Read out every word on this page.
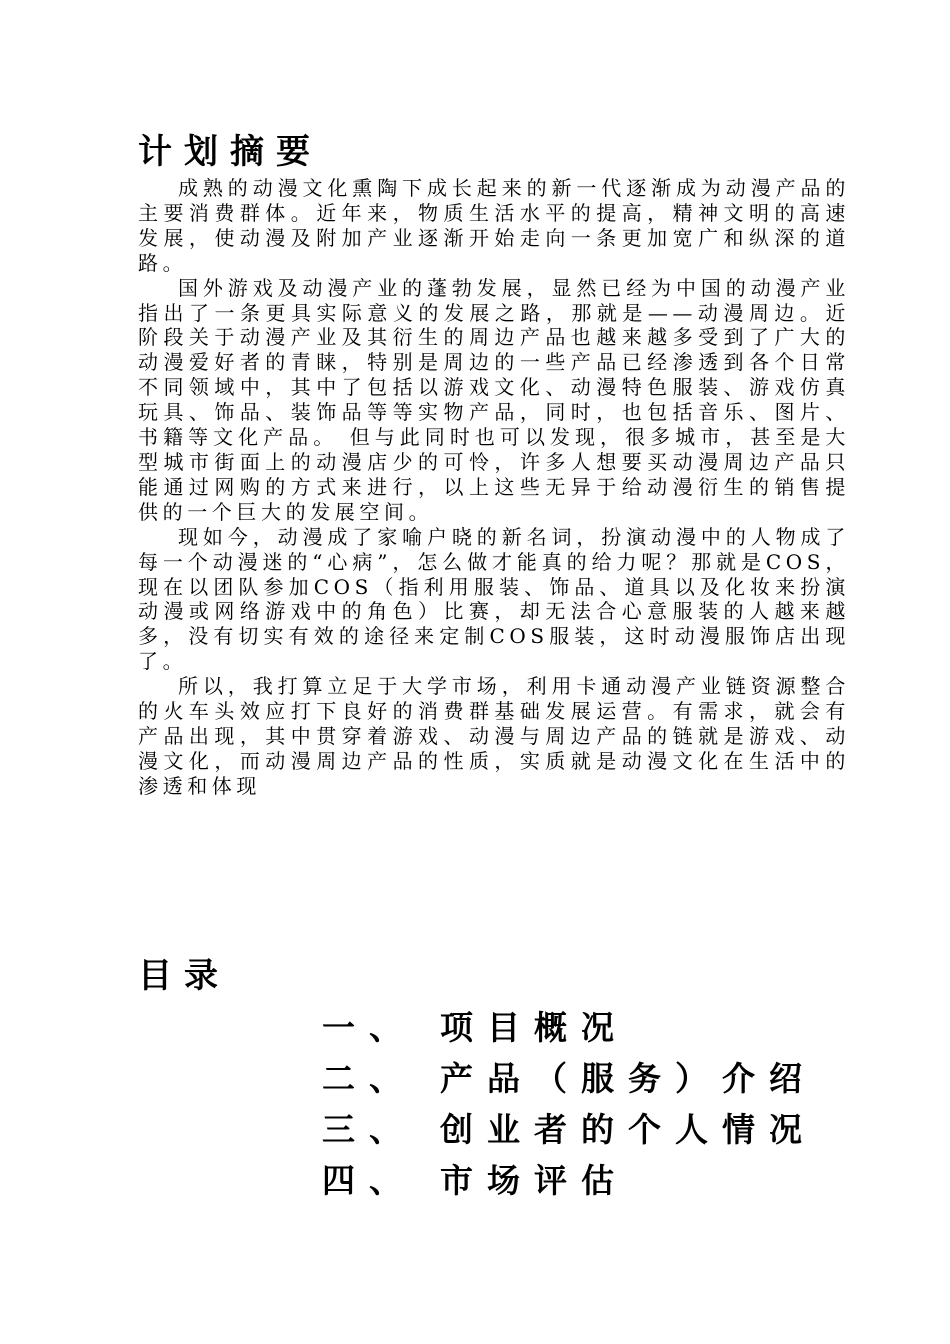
计划摘要

成熟的动漫文化熏陶下成长起来的新一代逐渐成为动漫产品的主要消费群体。近年来，物质生活水平的提高，精神文明的高速发展，使动漫及附加产业逐渐开始走向一条更加宽广和纵深的道路。

国外游戏及动漫产业的蓬勃发展，显然已经为中国的动漫产业指出了一条更具实际意义的发展之路，那就是——动漫周边。近阶段关于动漫产业及其衍生的周边产品也越来越多受到了广大的动漫爱好者的青睐，特别是周边的一些产品已经渗透到各个日常不同领域中，其中了包括以游戏文化、动漫特色服装、游戏仿真玩具、饰品、装饰品等等实物产品，同时，也包括音乐、图片、书籍等文化产品。 但与此同时也可以发现，很多城市，甚至是大型城市街面上的动漫店少的可怜，许多人想要买动漫周边产品只能通过网购的方式来进行，以上这些无异于给动漫衍生的销售提供的一个巨大的发展空间。

现如今，动漫成了家喻户晓的新名词，扮演动漫中的人物成了每一个动漫迷的“心病”，怎么做才能真的给力呢？那就是COS，现在以团队参加COS（指利用服装、饰品、道具以及化妆来扮演动漫或网络游戏中的角色）比赛，却无法合心意服装的人越来越多，没有切实有效的途径来定制COS服装，这时动漫服饰店出现了。

所以，我打算立足于大学市场，利用卡通动漫产业链资源整合的火车头效应打下良好的消费群基础发展运营。有需求，就会有产品出现，其中贯穿着游戏、动漫与周边产品的链就是游戏、动漫文化，而动漫周边产品的性质，实质就是动漫文化在生活中的渗透和体现

目录
一、 项目概况
二、 产品（服务）介绍
三、 创业者的个人情况
四、 市场评估
